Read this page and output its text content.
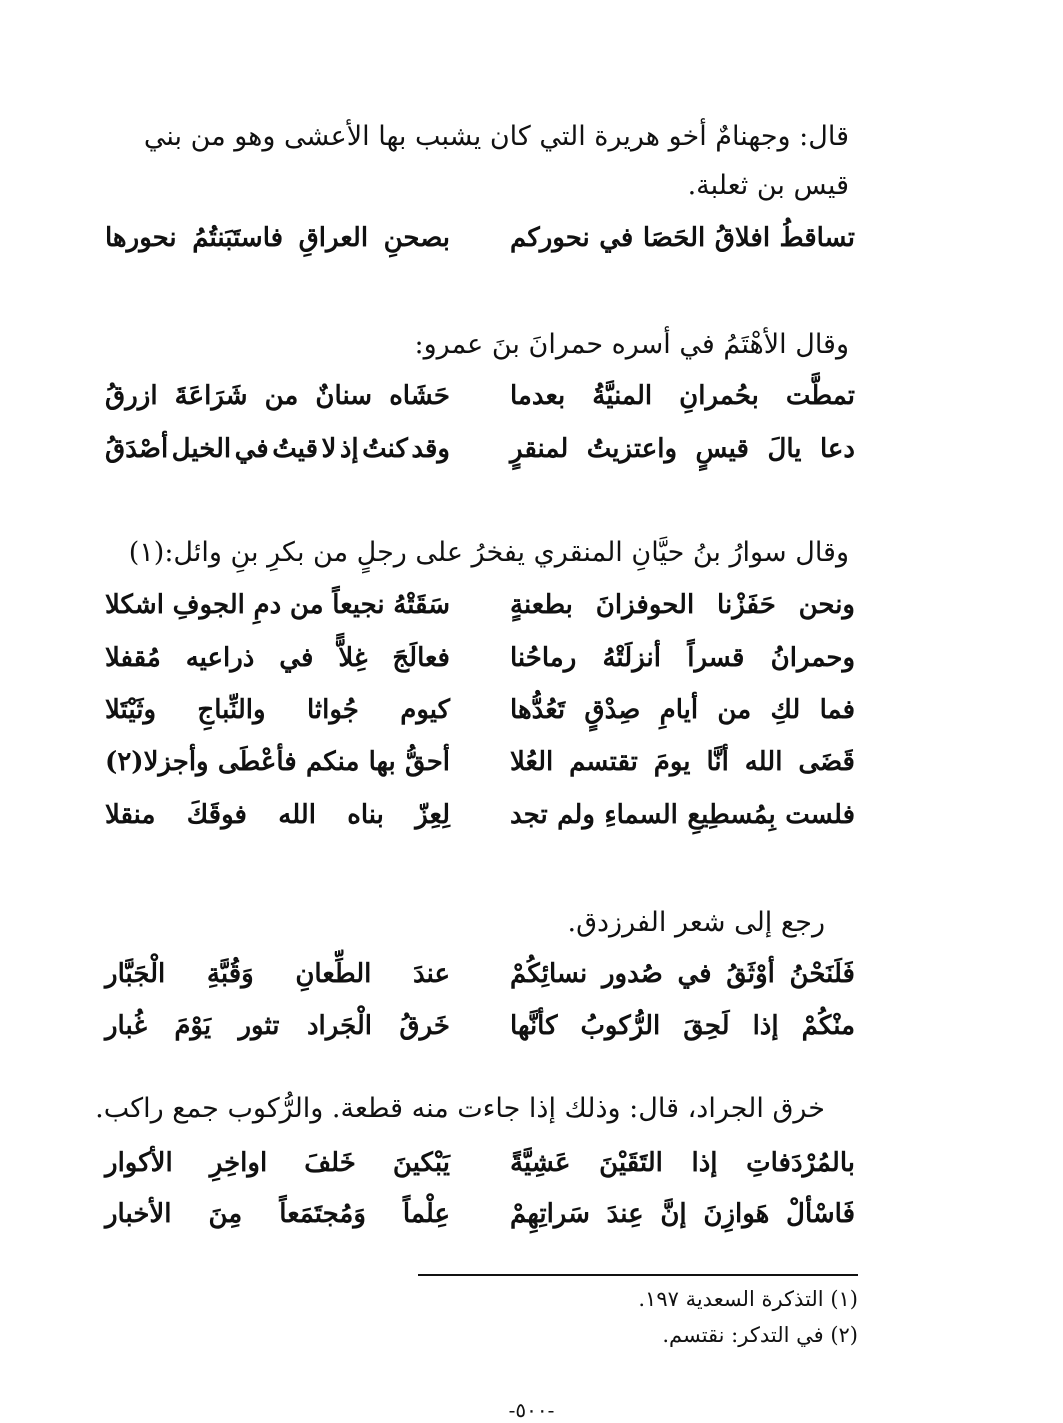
قال: وجهنامٌ أخو هريرة التي كان يشبب بها الأعشى وهو من بني
قيس بن ثعلبة.
تساقطُ
افلاقُ
الحَصَا
في
نحوركم
بصحنِ
العراقِ
فاستَبَنتُمُ
نحورها
وقال الأهْتَمُ في أسره حمرانَ بنَ عمرو:
تمطَّت
بحُمرانِ
المنيَّةُ
بعدما
حَشَاه
سنانٌ
من
شَرَاعَةَ
ازرقُ
دعا
يالَ
قيسٍ
واعتزيتُ
لمنقرٍ
وقد
كنتُ
إذ
لا
قيتُ
في
الخيل
أصْدَقُ
وقال سوارُ بنُ حيَّانِ المنقري يفخرُ على رجلٍ من بكرِ بنِ وائل:(١)
ونحن
حَفَزْنا
الحوفزانَ
بطعنةٍ
سَقَتْهُ
نجيعاً
من
دمِ
الجوفِ
اشكلا
وحمرانُ
قسراً
أنزلَتْهُ
رماحُنا
فعالَجَ
غِلاًّ
في
ذراعيه
مُقفلا
فما
لكِ
من
أيامِ
صِدْقٍ
تَعُدُّها
كيوم
جُواثا
والنِّباجِ
وثَيْتَلا
قَضَى
الله
أنَّا
يومَ
تقتسم
العُلا
أحقُّ
بها
منكم
فأعْطَى
وأجزلا(٢)
فلست
بِمُسطِيعِ
السماءِ
ولم
تجد
لِعِزّ
بناه
الله
فوقَكَ
منقلا
رجع إلى شعر الفرزدق.
فَلَنَحْنُ
أوْثَقُ
في
صُدور
نسائِكُمْ
عندَ
الطِّعانِ
وَقُبَّةِ
الْجَبَّار
منْكُمْ
إذا
لَحِقَ
الرُّكوبُ
كأنَّها
خَرقُ
الْجَراد
تثور
يَوْمَ
غُبار
خرق الجراد، قال: وذلك إذا جاءت منه قطعة. والرُّكوب جمع راكب.
بالمُرْدَفاتِ
إذا
التَقَيْنَ
عَشِيَّةً
يَبْكينَ
خَلفَ
اواخِرِ
الأكوار
فَاسْألْ
هَوازِنَ
إنَّ
عِندَ
سَراتِهِمْ
عِلْماً
وَمُجتَمَعاً
مِنَ
الأخبار
(١) التذكرة السعدية ١٩٧.
(٢) في التدكر: نقتسم.
-٥٠٠-
